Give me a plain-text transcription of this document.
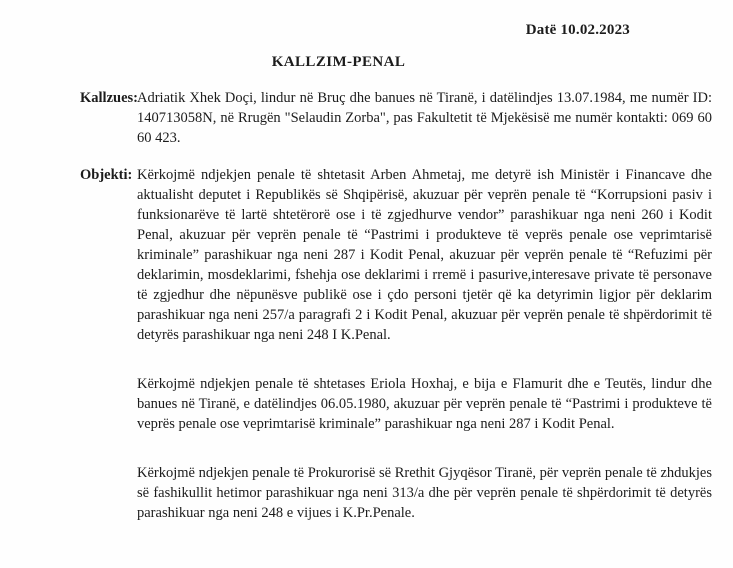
Datë 10.02.2023
KALLZIM-PENAL
Kallzues: Adriatik Xhek Doçi, lindur në Bruç dhe banues në Tiranë, i datëlindjes 13.07.1984, me numër ID: 140713058N, në Rrugën "Selaudin Zorba", pas Fakultetit të Mjekësisë me numër kontakti: 069 60 60 423.

Objekti: Kërkojmë ndjekjen penale të shtetasit Arben Ahmetaj, me detyrë ish Ministër i Financave dhe aktualisht deputet i Republikës së Shqipërisë, akuzuar për veprën penale të “Korrupsioni pasiv i funksionarëve të lartë shtetërorë ose i të zgjedhurve vendor” parashikuar nga neni 260 i Kodit Penal, akuzuar për veprën penale të “Pastrimi i produkteve të veprës penale ose veprimtarisë kriminale” parashikuar nga neni 287 i Kodit Penal, akuzuar për veprën penale të “Refuzimi për deklarimin, mosdeklarimi, fshehja ose deklarimi i rremë i pasurive,interesave private të personave të zgjedhur dhe nëpunësve publikë ose i çdo personi tjetër që ka detyrimin ligjor për deklarim parashikuar nga neni 257/a paragrafi 2 i Kodit Penal, akuzuar për veprën penale të shpërdorimit të detyrës parashikuar nga neni 248 I K.Penal.

Kërkojmë ndjekjen penale të shtetases Eriola Hoxhaj, e bija e Flamurit dhe e Teutës, lindur dhe banues në Tiranë, e datëlindjes 06.05.1980, akuzuar për veprën penale të “Pastrimi i produkteve të veprës penale ose veprimtarisë kriminale” parashikuar nga neni 287 i Kodit Penal.

Kërkojmë ndjekjen penale të Prokurorisë së Rrethit Gjyqësor Tiranë, për veprën penale të zhdukjes së fashikullit hetimor parashikuar nga neni 313/a dhe për veprën penale të shpërdorimit të detyrës parashikuar nga neni 248 e vijues i K.Pr.Penale.
